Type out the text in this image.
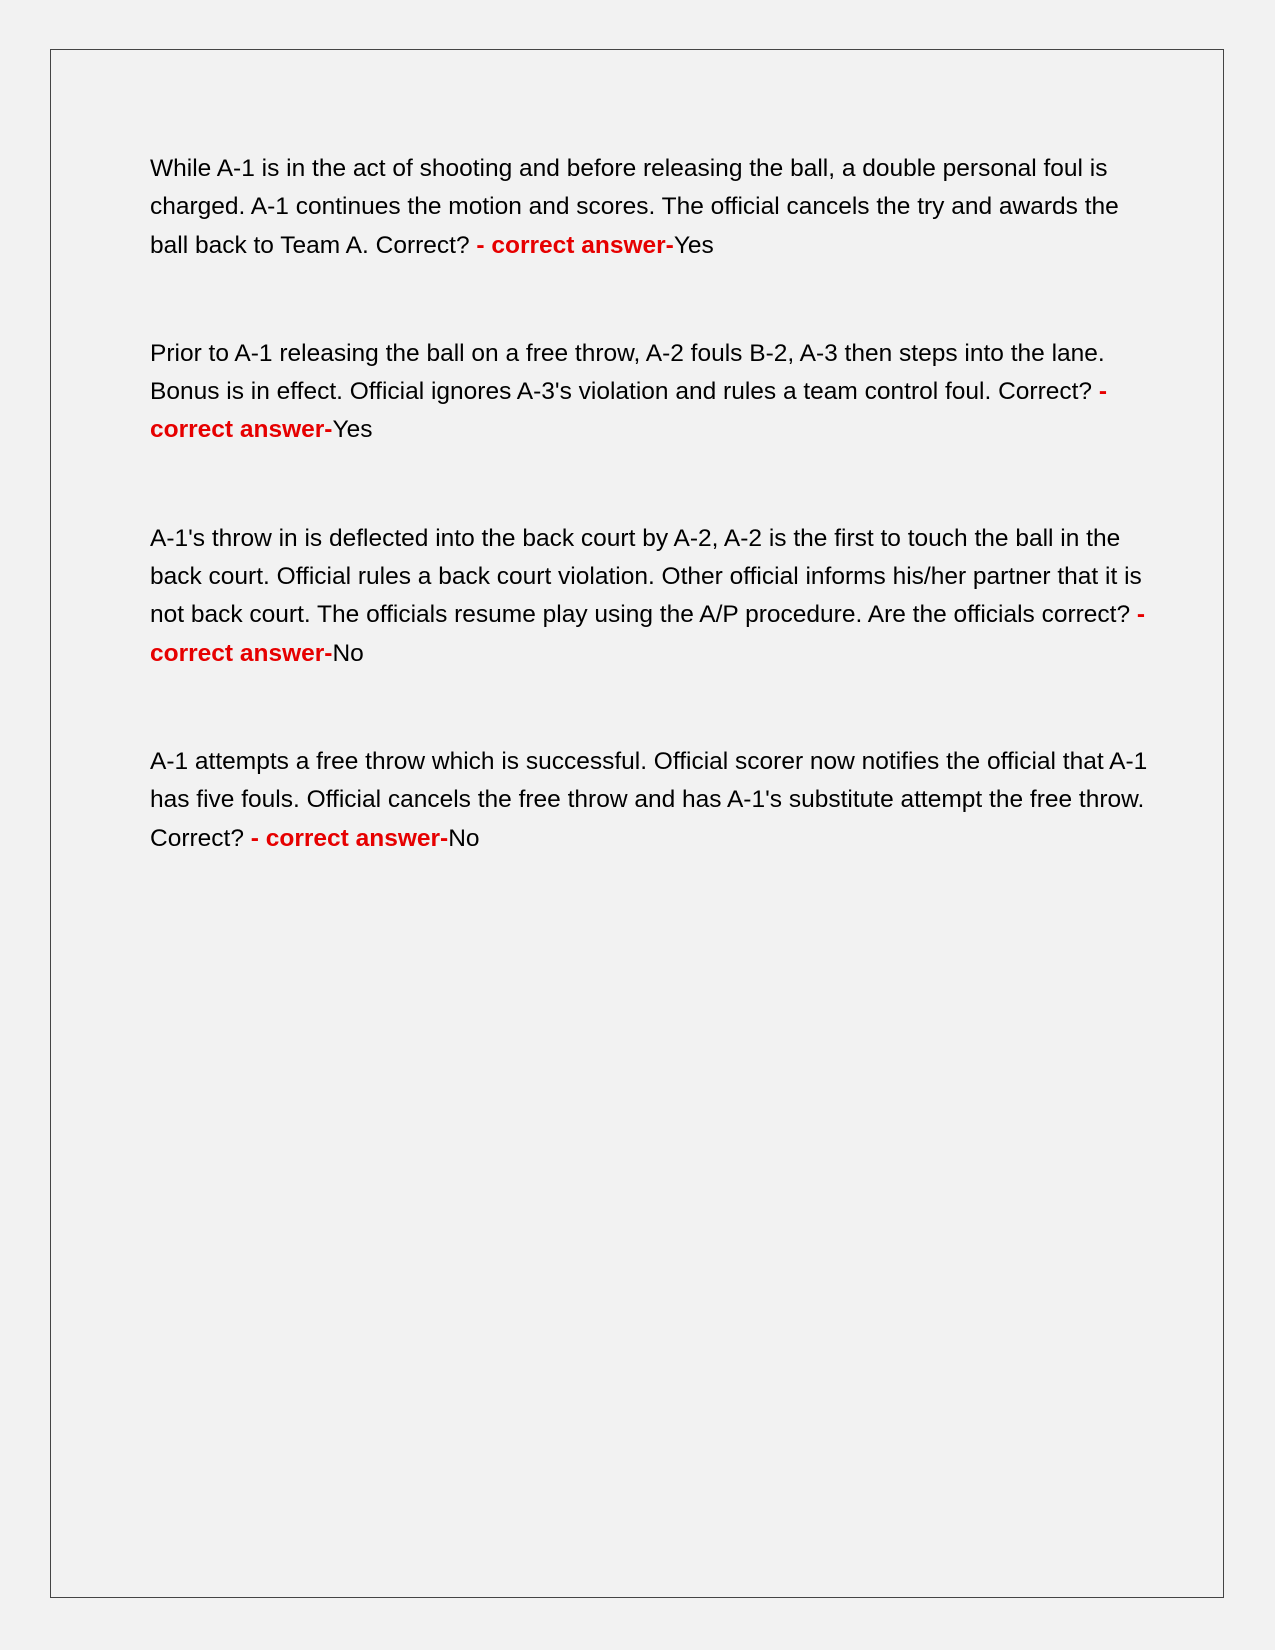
While A-1 is in the act of shooting and before releasing the ball, a double personal foul is charged. A-1 continues the motion and scores. The official cancels the try and awards the ball back to Team A. Correct? - correct answer-Yes

Prior to A-1 releasing the ball on a free throw, A-2 fouls B-2, A-3 then steps into the lane. Bonus is in effect. Official ignores A-3's violation and rules a team control foul. Correct? - correct answer-Yes

A-1's throw in is deflected into the back court by A-2, A-2 is the first to touch the ball in the back court. Official rules a back court violation. Other official informs his/her partner that it is not back court. The officials resume play using the A/P procedure. Are the officials correct? - correct answer-No

A-1 attempts a free throw which is successful. Official scorer now notifies the official that A-1 has five fouls. Official cancels the free throw and has A-1's substitute attempt the free throw. Correct? - correct answer-No
